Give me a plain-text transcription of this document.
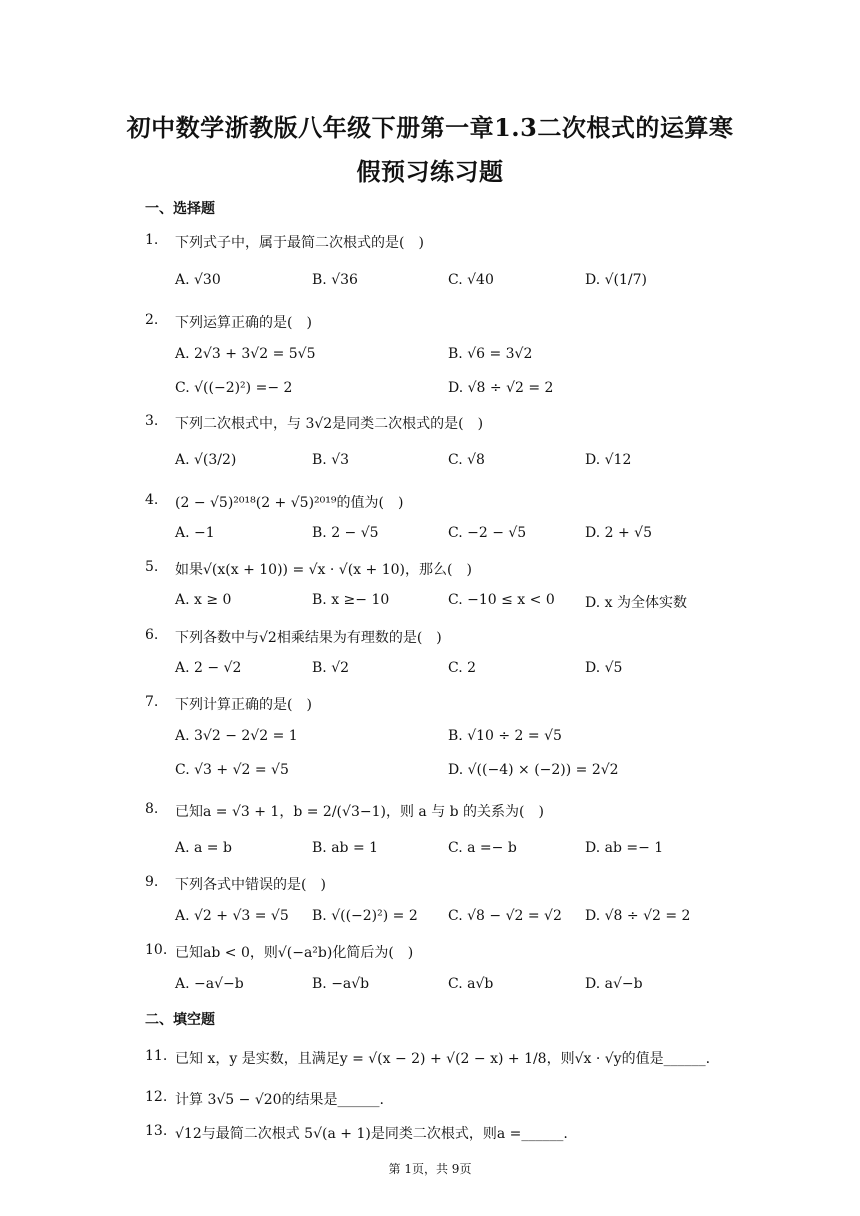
初中数学浙教版八年级下册第一章1.3二次根式的运算寒
假预习练习题
一、选择题
1. 下列式子中，属于最简二次根式的是(　)
A. √30	B. √36	C. √40	D. √(1/7)
2. 下列运算正确的是(　)
A. 2√3 + 3√2 = 5√5	B. √6 = 3√2
C. √((−2)²) =− 2	D. √8 ÷ √2 = 2
3. 下列二次根式中，与 3√2是同类二次根式的是(　)
A. √(3/2)	B. √3	C. √8	D. √12
4. (2 − √5)²⁰¹⁸(2 + √5)²⁰¹⁹的值为(　)
A. −1	B. 2 − √5	C. −2 − √5	D. 2 + √5
5. 如果√(x(x + 10)) = √x · √(x + 10)，那么(　)
A. x ≥ 0	B. x ≥− 10	C. −10 ≤ x < 0 D. x 为全体实数
6. 下列各数中与√2相乘结果为有理数的是(　)
A. 2 − √2	B. √2	C. 2	D. √5
7. 下列计算正确的是(　)
A. 3√2 − 2√2 = 1	B. √10 ÷ 2 = √5
C. √3 + √2 = √5	D. √((−4) × (−2)) = 2√2
8. 已知a = √3 + 1，b = 2/(√3−1)，则 a 与 b 的关系为(　)
A. a = b	B. ab = 1	C. a =− b	D. ab =− 1
9. 下列各式中错误的是(　)
A. √2 + √3 = √5 B. √((−2)²) = 2 C. √8 − √2 = √2 D. √8 ÷ √2 = 2
10. 已知ab < 0，则√(−a²b)化简后为(　)
A. −a√−b	B. −a√b	C. a√b	D. a√−b
二、填空题
11. 已知 x，y 是实数，且满足y = √(x − 2) + √(2 − x) + 1/8，则√x · √y的值是______.
12. 计算 3√5 − √20的结果是______.
13. √12与最简二次根式 5√(a + 1)是同类二次根式，则a =______.
第 1页，共 9页
